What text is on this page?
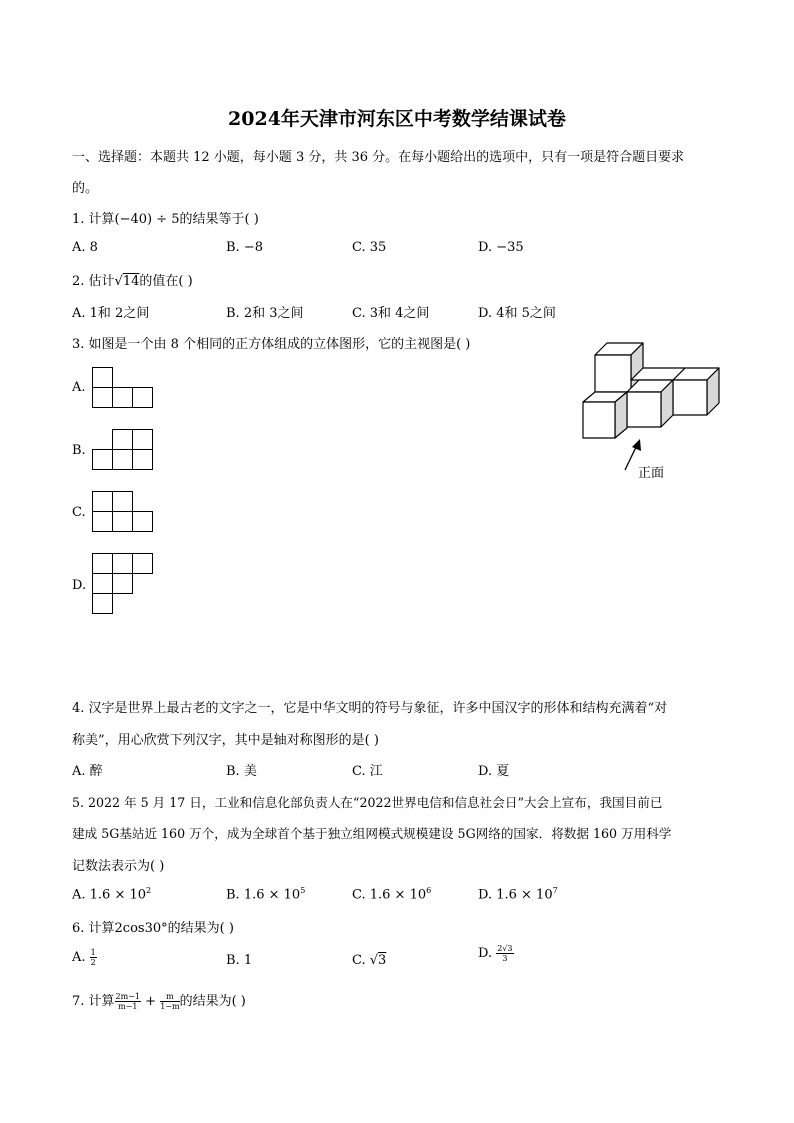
2024年天津市河东区中考数学结课试卷
一、选择题：本题共 12 小题，每小题 3 分，共 36 分。在每小题给出的选项中，只有一项是符合题目要求
的。
1. 计算(−40) ÷ 5的结果等于( )
A. 8	B. −8	C. 35	D. −35
2. 估计√14的值在( )
A. 1和 2之间	B. 2和 3之间	C. 3和 4之间	D. 4和 5之间
3. 如图是一个由 8 个相同的正方体组成的立体图形，它的主视图是( )
A.
B.
C.
D.
正面
4. 汉字是世界上最古老的文字之一，它是中华文明的符号与象征，许多中国汉字的形体和结构充满着“对
称美”，用心欣赏下列汉字，其中是轴对称图形的是( )
A. 醉	B. 美	C. 江	D. 夏
5. 2022 年 5 月 17 日，工业和信息化部负责人在“2022世界电信和信息社会日”大会上宣布，我国目前已
建成 5G基站近 160 万个，成为全球首个基于独立组网模式规模建设 5G网络的国家．将数据 160 万用科学
记数法表示为( )
A. $1.6 \times 10^2$	B. $1.6 \times 10^5$	C. $1.6 \times 10^6$	D. $1.6 \times 10^7$
6. 计算2cos30°的结果为( )
A. $\frac{1}{2}$	B. 1	C. √3	D. $\frac{2√3}{3}$
7. 计算 $\frac{2m-1}{m-1} + \frac{m}{1-m}$ 的结果为( )
